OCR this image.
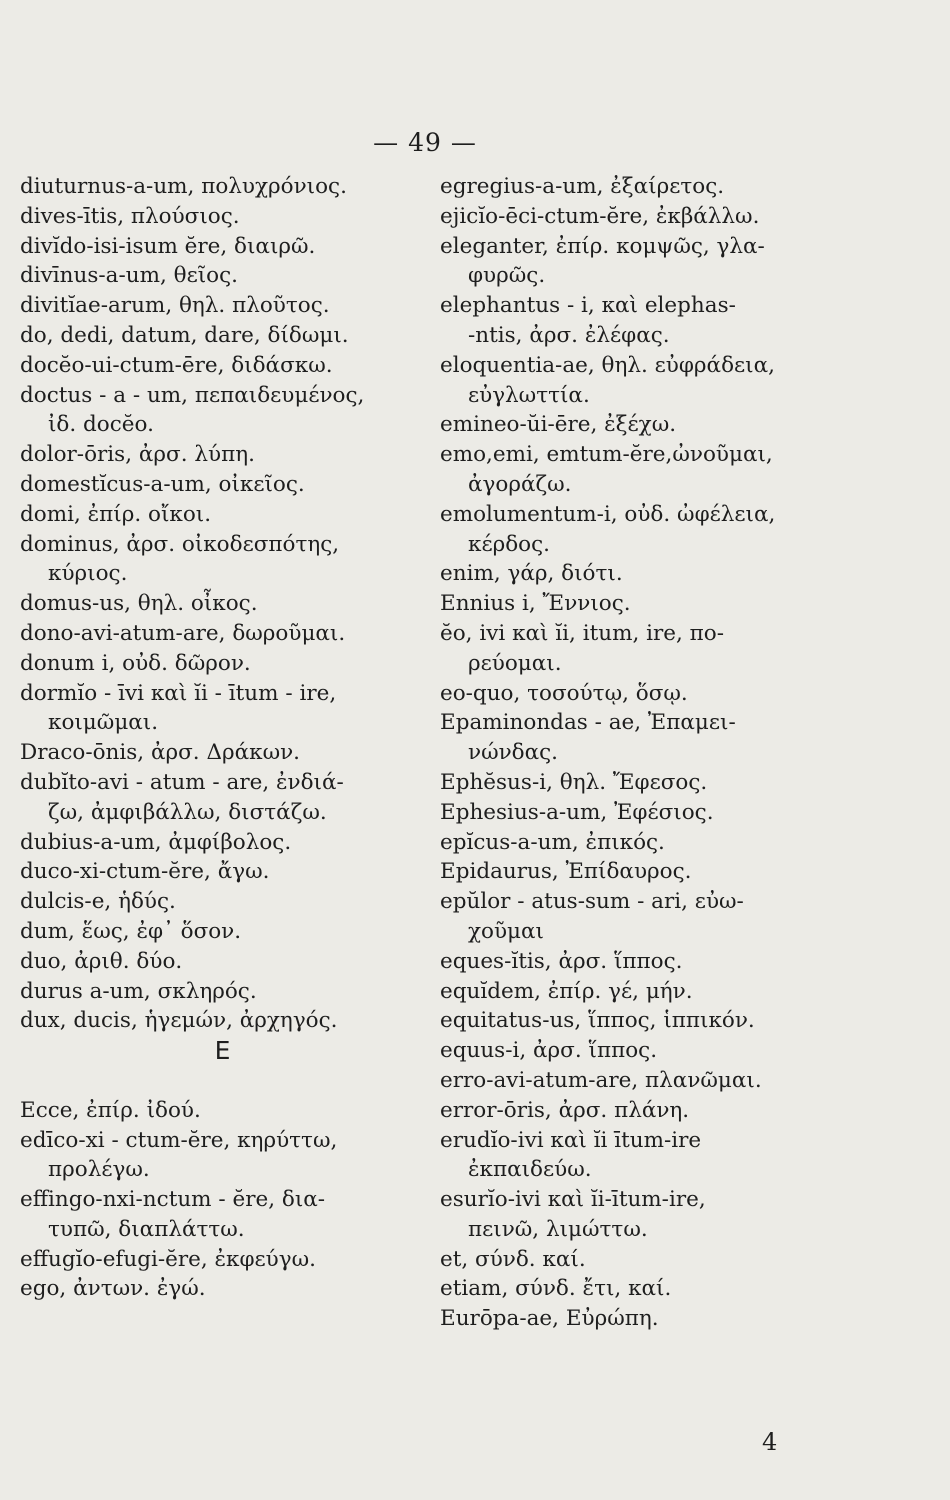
— 49 —
diuturnus-a-um, πολυχρόνιος.
dives-ītis, πλούσιος.
divĭdo-isi-isum ĕre, διαιρῶ.
divīnus-a-um, θεῖος.
divitĭae-arum, θηλ. πλοῦτος.
do, dedi, datum, dare, δίδωμι.
docĕo-ui-ctum-ēre, διδάσκω.
doctus - a - um, πεπαιδευμένος,
ἰδ. docĕo.
dolor-ōris, ἀρσ. λύπη.
domestĭcus-a-um, οἰκεῖος.
domi, ἐπίρ. οἴκοι.
dominus, ἀρσ. οἰκοδεσπότης,
κύριος.
domus-us, θηλ. οἶκος.
dono-avi-atum-are, δωροῦμαι.
donum i, οὐδ. δῶρον.
dormĭo - īvi καὶ ĭi - ītum - ire,
κοιμῶμαι.
Draco-ōnis, ἀρσ. Δράκων.
dubĭto-avi - atum - are, ἐνδιά-
ζω, ἀμφιβάλλω, διστάζω.
dubius-a-um, ἀμφίβολος.
duco-xi-ctum-ĕre, ἄγω.
dulcis-e, ἡδύς.
dum, ἕως, ἐφ᾽ ὅσον.
duo, ἀριθ. δύο.
durus a-um, σκληρός.
dux, ducis, ἡγεμών, ἀρχηγός.
E
Ecce, ἐπίρ. ἰδού.
edīco-xi - ctum-ĕre, κηρύττω,
προλέγω.
effingo-nxi-nctum - ĕre, δια-
τυπῶ, διαπλάττω.
effugĭo-efugi-ĕre, ἐκφεύγω.
ego, ἀντων. ἐγώ.
egregius-a-um, ἐξαίρετος.
ejicĭo-ēci-ctum-ĕre, ἐκβάλλω.
eleganter, ἐπίρ. κομψῶς, γλα-
φυρῶς.
elephantus - i, καὶ elephas-
-ntis, ἀρσ. ἐλέφας.
eloquentia-ae, θηλ. εὐφράδεια,
εὐγλωττία.
emineo-ŭi-ēre, ἐξέχω.
emo,emi, emtum-ĕre,ὠνοῦμαι,
ἀγοράζω.
emolumentum-i, οὐδ. ὠφέλεια,
κέρδος.
enim, γάρ, διότι.
Ennius i, Ἔννιος.
ĕo, ivi καὶ ĭi, itum, ire, πο-
ρεύομαι.
eo-quo, τοσούτῳ, ὅσῳ.
Epaminondas - ae, Ἐπαμει-
νώνδας.
Ephĕsus-i, θηλ. Ἔφεσος.
Ephesius-a-um, Ἐφέσιος.
epĭcus-a-um, ἐπικός.
Epidaurus, Ἐπίδαυρος.
epŭlor - atus-sum - ari, εὐω-
χοῦμαι
eques-ĭtis, ἀρσ. ἵππος.
equĭdem, ἐπίρ. γέ, μήν.
equitatus-us, ἵππος, ἱππικόν.
equus-i, ἀρσ. ἵππος.
erro-avi-atum-are, πλανῶμαι.
error-ōris, ἀρσ. πλάνη.
erudĭo-ivi καὶ ĭi ītum-ire
ἐκπαιδεύω.
esurĭo-ivi καὶ ĭi-ītum-ire,
πεινῶ, λιμώττω.
et, σύνδ. καί.
etiam, σύνδ. ἔτι, καί.
Eurōpa-ae, Εὐρώπη.
4
